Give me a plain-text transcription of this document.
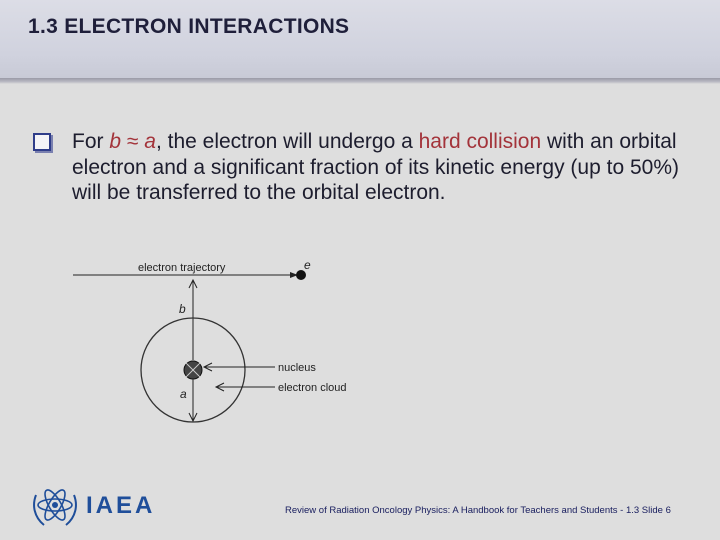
1.3 ELECTRON INTERACTIONS
For b ≈ a, the electron will undergo a hard collision with an orbital electron and a significant fraction of its kinetic energy (up to 50%) will be transferred to the orbital electron.
electron trajectory	e
b
a
nucleus
electron cloud
IAEA	Review of Radiation Oncology Physics: A Handbook for Teachers and Students - 1.3 Slide 6
